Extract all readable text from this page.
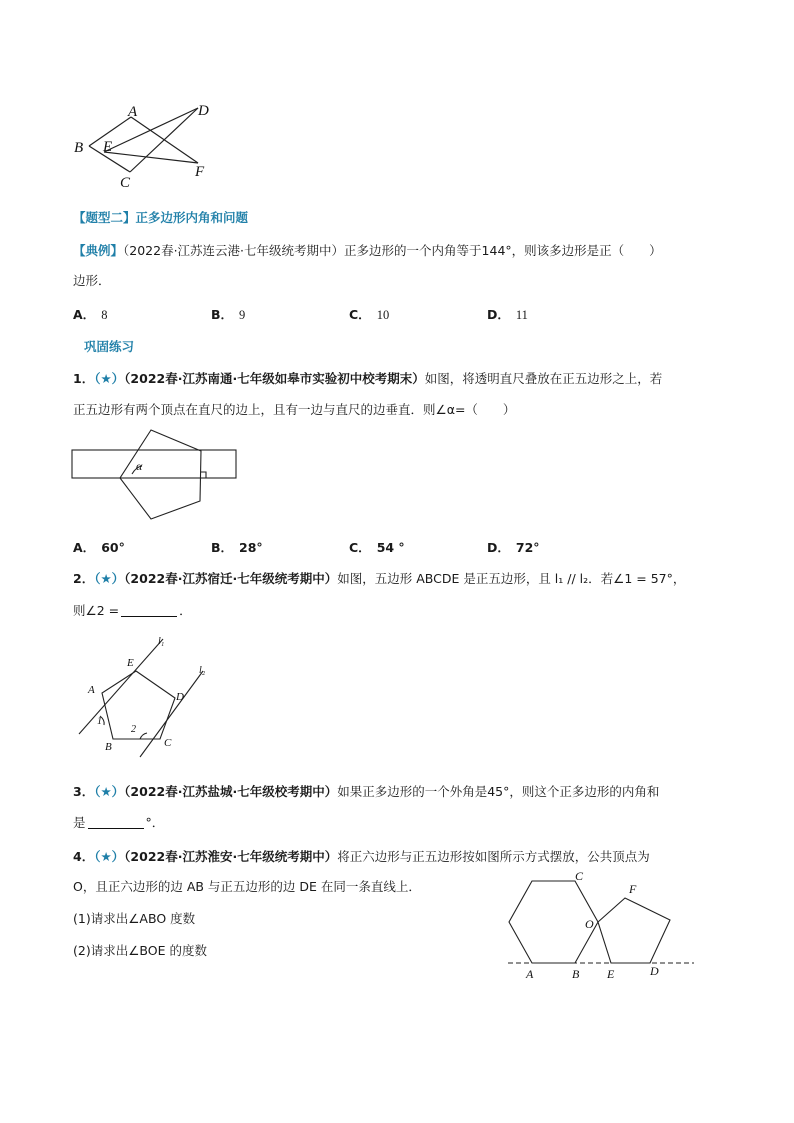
A	D
B E
C
F
【题型二】正多边形内角和问题
【典例】（2022春·江苏连云港·七年级统考期中）正多边形的一个内角等于144°，则该多边形是正（　　）
边形．
A． 8	B． 9	C． 10	D． 11
巩固练习
1．（★）（2022春·江苏南通·七年级如皋市实验初中校考期末）如图，将透明直尺叠放在正五边形之上，若
正五边形有两个顶点在直尺的边上，且有一边与直尺的边垂直．则∠α=（　　）
α
A． 60°	B． 28°	C． 54 °	D． 72°
2．（★）（2022春·江苏宿迁·七年级统考期中）如图，五边形 ABCDE 是正五边形，且 l₁ // l₂．若∠1 = 57°，
则∠2 =	．
l₁
l₂
E
A
D
1
2
B	C
3．（★）（2022春·江苏盐城·七年级校考期中）如果正多边形的一个外角是45°，则这个正多边形的内角和
是	°．
4．（★）（2022春·江苏淮安·七年级统考期中）将正六边形与正五边形按如图所示方式摆放，公共顶点为
O，且正六边形的边 AB 与正五边形的边 DE 在同一条直线上．
(1)请求出∠ABO 度数
(2)请求出∠BOE 的度数
C
F
O
A	B E	D
